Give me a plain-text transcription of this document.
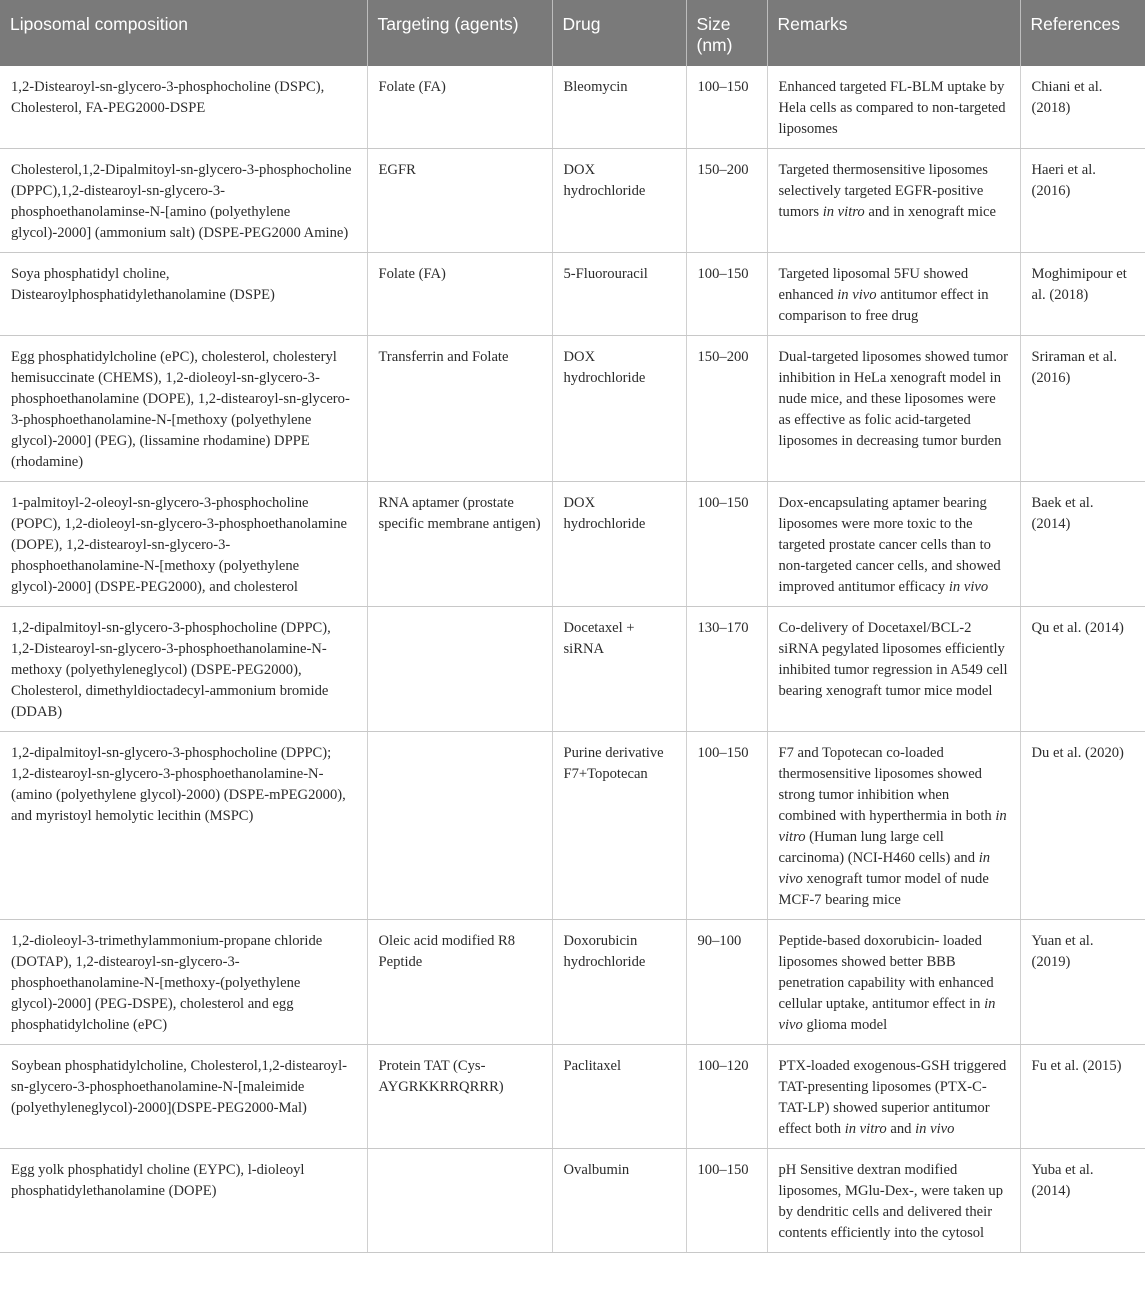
Liposomal composition	Targeting (agents)	Drug	Size (nm)	Remarks	References
1,2-Distearoyl-sn-glycero-3-phosphocholine (DSPC), Cholesterol, FA-PEG2000-DSPE	Folate (FA)	Bleomycin	100–150	Enhanced targeted FL-BLM uptake by Hela cells as compared to non-targeted liposomes	Chiani et al. (2018)
Cholesterol,1,2-Dipalmitoyl-sn-glycero-3-phosphocholine (DPPC),1,2-distearoyl-sn-glycero-3-phosphoethanolaminse-N-[amino (polyethylene glycol)-2000] (ammonium salt) (DSPE-PEG2000 Amine)	EGFR	DOX hydrochloride	150–200	Targeted thermosensitive liposomes selectively targeted EGFR-positive tumors in vitro and in xenograft mice	Haeri et al. (2016)
Soya phosphatidyl choline, Distearoylphosphatidylethanolamine (DSPE)	Folate (FA)	5-Fluorouracil	100–150	Targeted liposomal 5FU showed enhanced in vivo antitumor effect in comparison to free drug	Moghimipour et al. (2018)
Egg phosphatidylcholine (ePC), cholesterol, cholesteryl hemisuccinate (CHEMS), 1,2-dioleoyl-sn-glycero-3-phosphoethanolamine (DOPE), 1,2-distearoyl-sn-glycero-3-phosphoethanolamine-N-[methoxy (polyethylene glycol)-2000] (PEG), (lissamine rhodamine) DPPE (rhodamine)	Transferrin and Folate	DOX hydrochloride	150–200	Dual-targeted liposomes showed tumor inhibition in HeLa xenograft model in nude mice, and these liposomes were as effective as folic acid-targeted liposomes in decreasing tumor burden	Sriraman et al. (2016)
1-palmitoyl-2-oleoyl-sn-glycero-3-phosphocholine (POPC), 1,2-dioleoyl-sn-glycero-3-phosphoethanolamine (DOPE), 1,2-distearoyl-sn-glycero-3-phosphoethanolamine-N-[methoxy (polyethylene glycol)-2000] (DSPE-PEG2000), and cholesterol	RNA aptamer (prostate specific membrane antigen)	DOX hydrochloride	100–150	Dox-encapsulating aptamer bearing liposomes were more toxic to the targeted prostate cancer cells than to non-targeted cancer cells, and showed improved antitumor efficacy in vivo	Baek et al. (2014)
1,2-dipalmitoyl-sn-glycero-3-phosphocholine (DPPC), 1,2-Distearoyl-sn-glycero-3-phosphoethanolamine-N-methoxy (polyethyleneglycol) (DSPE-PEG2000), Cholesterol, dimethyldioctadecyl-ammonium bromide (DDAB)		Docetaxel + siRNA	130–170	Co-delivery of Docetaxel/BCL-2 siRNA pegylated liposomes efficiently inhibited tumor regression in A549 cell bearing xenograft tumor mice model	Qu et al. (2014)
1,2-dipalmitoyl-sn-glycero-3-phosphocholine (DPPC); 1,2-distearoyl-sn-glycero-3-phosphoethanolamine-N-(amino (polyethylene glycol)-2000) (DSPE-mPEG2000), and myristoyl hemolytic lecithin (MSPC)		Purine derivative F7+Topotecan	100–150	F7 and Topotecan co-loaded thermosensitive liposomes showed strong tumor inhibition when combined with hyperthermia in both in vitro (Human lung large cell carcinoma) (NCI-H460 cells) and in vivo xenograft tumor model of nude MCF-7 bearing mice	Du et al. (2020)
1,2-dioleoyl-3-trimethylammonium-propane chloride (DOTAP), 1,2-distearoyl-sn-glycero-3-phosphoethanolamine-N-[methoxy-(polyethylene glycol)-2000] (PEG-DSPE), cholesterol and egg phosphatidylcholine (ePC)	Oleic acid modified R8 Peptide	Doxorubicin hydrochloride	90–100	Peptide-based doxorubicin- loaded liposomes showed better BBB penetration capability with enhanced cellular uptake, antitumor effect in in vivo glioma model	Yuan et al. (2019)
Soybean phosphatidylcholine, Cholesterol,1,2-distearoyl-sn-glycero-3-phosphoethanolamine-N-[maleimide (polyethyleneglycol)-2000](DSPE-PEG2000-Mal)	Protein TAT (Cys-AYGRKKRRQRRR)	Paclitaxel	100–120	PTX-loaded exogenous-GSH triggered TAT-presenting liposomes (PTX-C-TAT-LP) showed superior antitumor effect both in vitro and in vivo	Fu et al. (2015)
Egg yolk phosphatidyl choline (EYPC), l-dioleoyl phosphatidylethanolamine (DOPE)		Ovalbumin	100–150	pH Sensitive dextran modified liposomes, MGlu-Dex-, were taken up by dendritic cells and delivered their contents efficiently into the cytosol	Yuba et al. (2014)
